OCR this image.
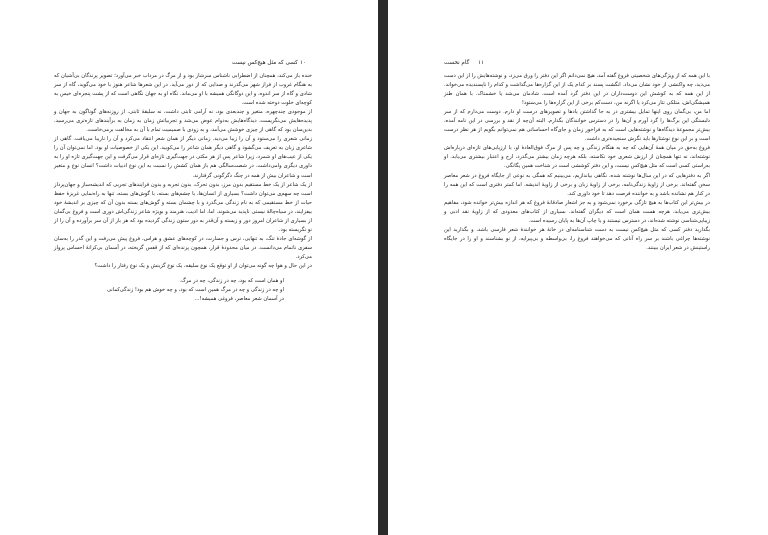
۱۰
کسی که مثل هیچ‌کس نیست

خنده باز می‌کند، همچنان از اضطرابی ناشناس سرشار بود و از مرگ در مرداب خبر می‌آورد؛ تصویر پرندگان بی‌آشیان که به هنگام غروب از فراز شهر می‌گذرند و صدایی که از دور می‌آید. در این شعرها شاعر هنوز با خود می‌گوید، گاه از سر شادی و گاه از سر اندوه، و این دوگانگی همیشه با او می‌ماند. نگاه او به جهان نگاهی است که از پشت پنجره‌ای خیس به کوچه‌ای خلوت دوخته شده است.

از موجودی چند‌چهره، متغیر و چند‌بعدی بود، نه آرامی ثابتی داشت، نه سلیقهٔ ثابتی. از روزنه‌های گوناگون به جهان و پدیده‌هایش می‌نگریست، دیدگاه‌هایش به‌دوام عوض می‌شد و تجربیاتش زمان به زمان به برآیندهای تازه‌تری می‌رسید. بدین‌سان بود که گاهی از چیزی خوشش می‌آمد، و به زودی با صمیمیت تمام با آن به مخالفت برمی‌خاست.

زمانی شعری را می‌ستود و آن را زیبا می‌دید. زمانی دیگر از همان شعر انتقاد می‌کرد و آن را ناریبا می‌یافت. گاهی از شاعری زبان به تعریف می‌گشود و گاهی دیگر همان شاعر را می‌کوبید. این یکی از خصوصیات او بود. اما نمی‌توان آن را یکی از عیب‌های او شمرد، زیرا شاعر پس از هر مکثی در جهت‌گیری تازه‌ای قرار می‌گرفت و این جهت‌گیری تازه او را به داوری دیگری وامی‌داشت. در شصت‌سالگی هم باز همان کشش را نسبت به این نوع ادبیات داشت؟ انسان نوع و متغیر است و شاعران بیش از همه در چنگ دگرگونی گرفتارند.

از یک شاعر از یک خط مستقیم بدون مرز، بدون تحرک، بدون تجربه و بدون فرایندهای تجربی که اندیشه‌ساز و جهان‌پرداز است چه سهم‌ی می‌توان داشت؟ بسیاری از انسان‌ها، با چشم‌های بسته، با گوش‌های بسته، تنها به راه‌نمایی غریزهٔ حفظ حیات از خط مستقیمی که به نام زندگی می‌گذرد و با چشمان بسته و گوش‌های بسته بدون آن که چیزی بر اندیشهٔ خود بیفزایند، در سیاه‌چالهٔ نیستی ناپدید می‌شوند. اما، اما ادیب، هنرمند و بویژه شاعر زندگی‌اش دوری است و فروغ بی‌گمان از بسیاری از شاعران امروز دور و زیسته و آن‌قدر به دور ستون زندگی گردیده بود که هر بار از آن سر برآورده و آن را از نو نگریسته بود.

از گوشه‌ای جادهٔ تنگ، به تنهایی، ترس و جسارت، در کوچه‌های عشق و هراس، فروغ پیش می‌رفت و این گذر را به‌سان سفری ناتمام می‌دانست. در میان محدودهٔ قرار، همچون پرنده‌ای که از قفس گریخته، در آسمان بی‌کرانهٔ احساس پرواز می‌کرد.

در این حال و هوا چه گونه می‌توان از او توقع یک نوع سلیقه، یک نوع گزینش و یک نوع رفتار را داشت؟

او همان است که بود، چه در زندگی، چه در مرگ.
او چه در زندگی و چه در مرگ همین است که بود، و چه خوش هم بود! زندگی‌کمانی
در آسمان شعر معاصر، فروغی همیشه!...
۱۱
گام نخست

با این همه که از ویژگی‌های شخصیتی فروغ گفته آمد، هیچ نمی‌دانم اگر این دفتر را ورق می‌زد، و نوشته‌هایش را از این دست می‌دید، چه واکنشی از خود نشان می‌داد. انگشت پسند بر کدام یک از این گزاره‌ها می‌گذاشت و کدام را ناپسندیده می‌خواند. از این همه که به کوشش این دوست‌داران در این دفتر گرد آمده است، شادمان می‌شد یا خشمناک. با همان طنز همیشگی‌اش، متلکی نثار می‌کرد یا اگرنه من، دست‌کم برخی از این گزاره‌ها را می‌ستود!

اما من، بی‌گمان روی اینها تمایل بیشتری در به جا گذاشتن یادها و تصویرهای درست او دارم. دوست می‌دارم که از سر دلبستگی این برگ‌ها را گرد آورم و آن‌ها را در دسترس خوانندگان بگذارم. البته آن‌چه از نقد و بررسی در این نامه آمده، بیش‌تر مجموعهٔ دیدگاه‌ها و نوشته‌هایی است که به فراخور زمان و جای‌گاه احساساتی هم نمی‌توانم بگویم از هر نظر درست است و بر این نوع نوشتارها باید نگرش سنجیده‌تری داشت.

فروغ به‌حق در میان همهٔ آن‌هایی که چه به هنگام زندگی و چه پس از مرگ فوق‌العادهٔ او، با ارزیابی‌های تازه‌ای درباره‌اش نوشته‌اند، نه تنها همچنان از ارزش شعری خود نکاسته، بلکه هرچه زمان بیشتر می‌گذرد، ارج و اعتبار بیشتری می‌یابد. او به‌راستی کسی است که مثل هیچ‌کس نیست، و این دفتر کوششی است در شناخت همین یگانگی.

اگر به دفترهایی که در این سال‌ها نوشته شده، نگاهی بیاندازیم، می‌بینیم که همگی به نوعی از جایگاه فروغ در شعر معاصر سخن گفته‌اند. برخی از زاویهٔ زندگی‌نامه، برخی از زاویهٔ زبان و برخی از زاویهٔ اندیشه. اما کمتر دفتری است که این همه را در کنار هم نشانده باشد و به خواننده فرصت دهد تا خود داوری کند.

در بیش‌تر این کتاب‌ها به هیچ تازگی برخورد نمی‌شود و به جز اشعار صادقانهٔ فروغ که هر اندازه بیش‌تر خوانده شود، مفاهیم بیش‌تری می‌یابد، هرچه هست همان است که دیگران گفته‌اند. بسیاری از کتاب‌های معدودی که از زاویهٔ نقد ادبی و زیبایی‌شناسی نوشته شده‌اند، در دسترس نیستند و یا چاپ آن‌ها به پایان رسیده است.

بگذارید دفتر کسی که مثل هیچ‌کس نیست به دست شناسنامه‌ای در خانهٔ هر خوانندهٔ شعر فارسی باشد، و بگذارید این نوشته‌ها چراغی باشند بر سر راه آنانی که می‌خواهند فروغ را، بی‌واسطه و بی‌پیرایه، از نو بشناسند و او را در جایگاه راستینش در شعر ایران ببینند.
